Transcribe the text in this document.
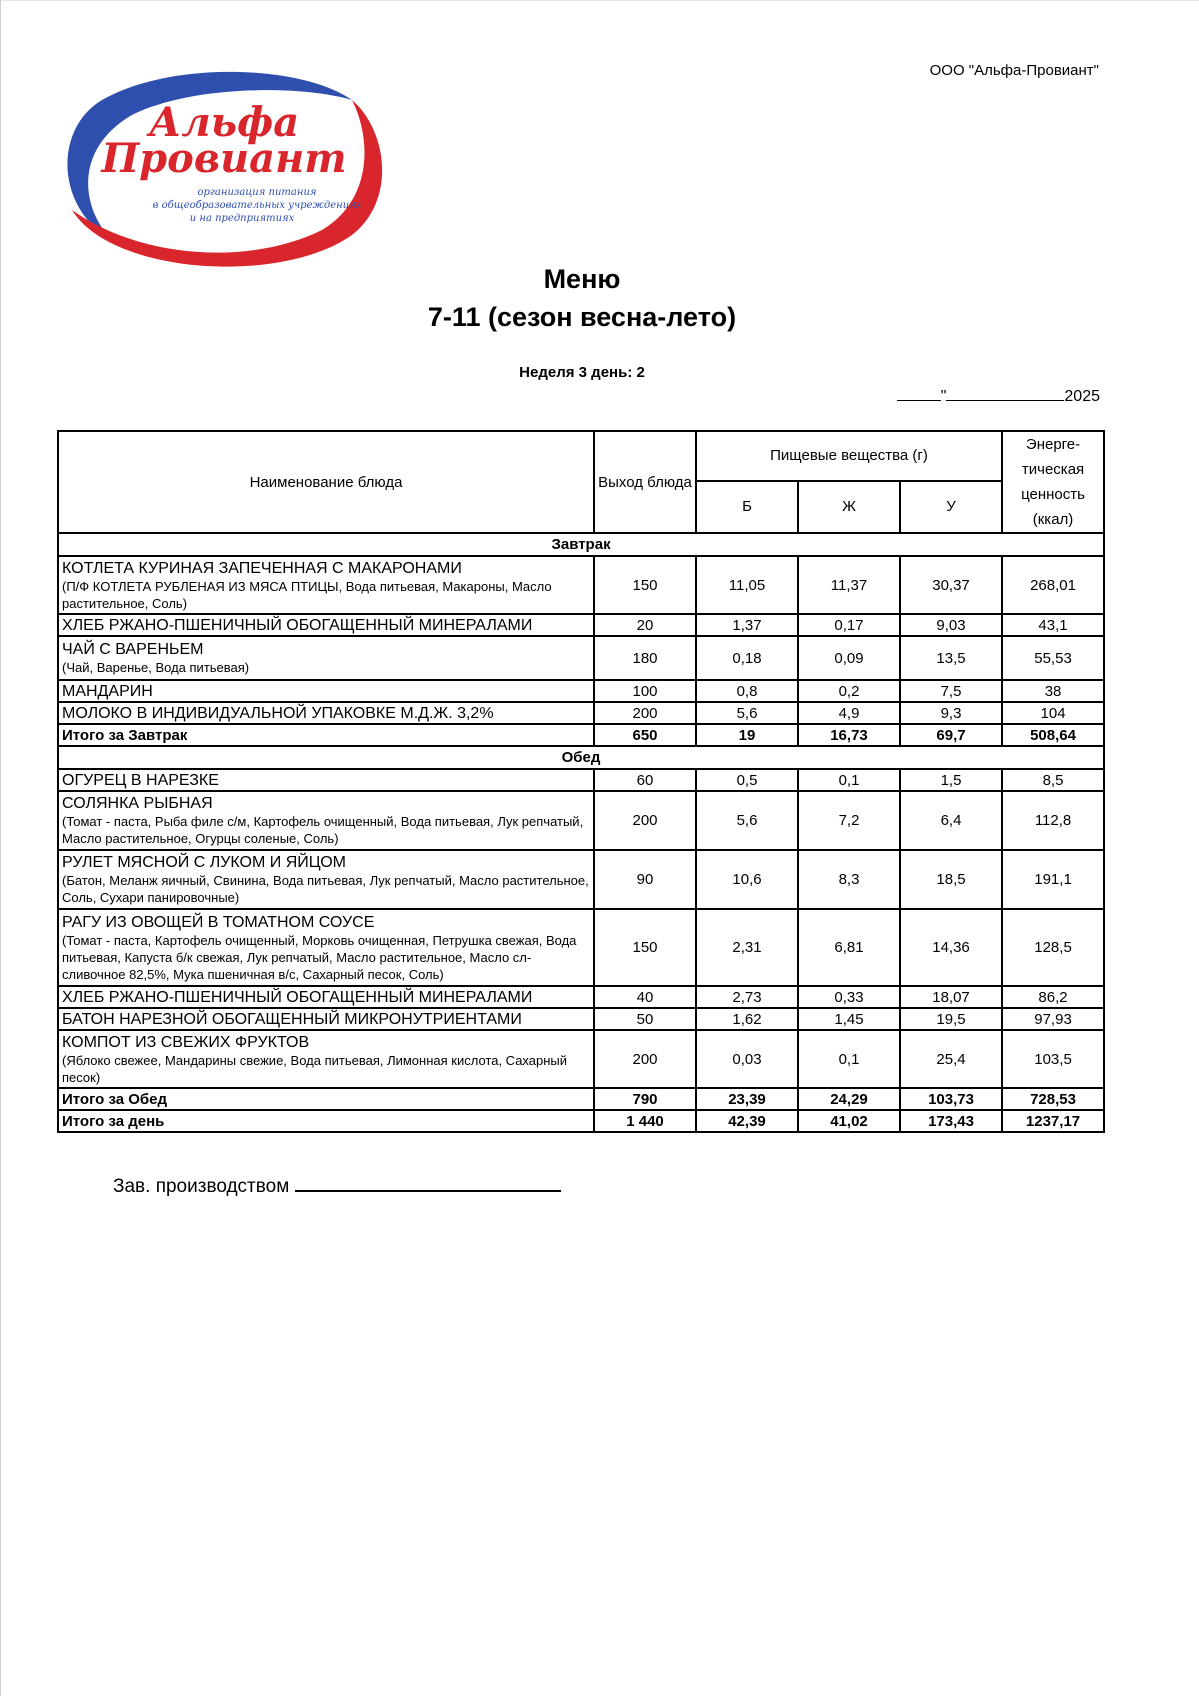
ООО "Альфа-Провиант"
Альфа
Провиант
организация питания
в общеобразовательных учреждениях
и на предприятиях
Меню
7-11 (сезон весна-лето)
Неделя 3 день: 2
"	2025
Наименование блюда	Выход блюда	Пищевые вещества (г)			Энерге-тическая ценность (ккал)
		Б	Ж	У	
Завтрак					

КОТЛЕТА КУРИНАЯ ЗАПЕЧЕННАЯ С МАКАРОНАМИ
(П/Ф КОТЛЕТА РУБЛЕНАЯ ИЗ МЯСА ПТИЦЫ, Вода питьевая, Макароны, Масло растительное, Соль)	150	11,05	11,37	30,37	268,01

ХЛЕБ РЖАНО-ПШЕНИЧНЫЙ ОБОГАЩЕННЫЙ МИНЕРАЛАМИ	20	1,37	0,17	9,03	43,1

ЧАЙ С ВАРЕНЬЕМ
(Чай, Варенье, Вода питьевая)	180	0,18	0,09	13,5	55,53

МАНДАРИН	100	0,8	0,2	7,5	38

МОЛОКО В ИНДИВИДУАЛЬНОЙ УПАКОВКЕ М.Д.Ж. 3,2%	200	5,6	4,9	9,3	104
Итого за Завтрак	650	19	16,73	69,7	508,64
Обед					

ОГУРЕЦ В НАРЕЗКЕ	60	0,5	0,1	1,5	8,5

СОЛЯНКА РЫБНАЯ
(Томат - паста, Рыба филе с/м, Картофель очищенный, Вода питьевая, Лук репчатый, Масло растительное, Огурцы соленые, Соль)	200	5,6	7,2	6,4	112,8

РУЛЕТ МЯСНОЙ С ЛУКОМ И ЯЙЦОМ
(Батон, Меланж яичный, Свинина, Вода питьевая, Лук репчатый, Масло растительное, Соль, Сухари панировочные)	90	10,6	8,3	18,5	191,1

РАГУ ИЗ ОВОЩЕЙ В ТОМАТНОМ СОУСЕ
(Томат - паста, Картофель очищенный, Морковь очищенная, Петрушка свежая, Вода питьевая, Капуста б/к свежая, Лук репчатый, Масло растительное, Масло сл-сливочное 82,5%, Мука пшеничная в/с, Сахарный песок, Соль)	150	2,31	6,81	14,36	128,5

ХЛЕБ РЖАНО-ПШЕНИЧНЫЙ ОБОГАЩЕННЫЙ МИНЕРАЛАМИ	40	2,73	0,33	18,07	86,2

БАТОН НАРЕЗНОЙ ОБОГАЩЕННЫЙ МИКРОНУТРИЕНТАМИ	50	1,62	1,45	19,5	97,93

КОМПОТ ИЗ СВЕЖИХ ФРУКТОВ
(Яблоко свежее, Мандарины свежие, Вода питьевая, Лимонная кислота, Сахарный песок)	200	0,03	0,1	25,4	103,5
Итого за Обед	790	23,39	24,29	103,73	728,53
Итого за день	1 440	42,39	41,02	173,43	1237,17
Зав. производством
